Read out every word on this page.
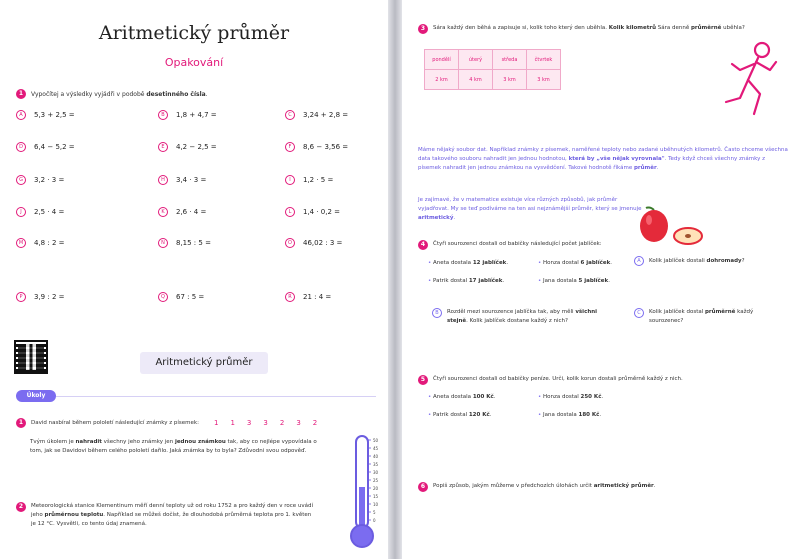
Aritmetický průměr
Opakování
1	Vypočítej a výsledky vyjádři v podobě desetinného čísla.
A	5,3 + 2,5 =	B	1,8 + 4,7 =	C	3,24 + 2,8 =
D	6,4 − 5,2 =	E	4,2 − 2,5 =	F	8,6 − 3,56 =
G	3,2 · 3 =	H	3,4 · 3 =	I	1,2 · 5 =
J	2,5 · 4 =	K	2,6 · 4 =	L	1,4 · 0,2 =
M	4,8 : 2 =	N	8,15 : 5 =	O	46,02 : 3 =
P	3,9 : 2 =	Q	67 : 5 =	R	21 : 4 =
Aritmetický průměr
Úkoly
1	David nasbíral během pololetí následující známky z písemek: 1 1 3 3 2 3 2
Tvým úkolem je nahradit všechny jeho známky jen jednou známkou tak, aby co nejlépe vypovídala o tom, jak se Davidovi během celého pololetí dařilo. Jaká známka by to byla? Zdůvodni svou odpověď.
2	Meteorologická stanice Klementinum měří denní teploty už od roku 1752 a pro každý den v roce uvádí jeho průměrnou teplotu. Například se můžeš dočíst, že dlouhodobá průměrná teplota pro 1. květen je 12 °C. Vysvětli, co tento údaj znamená.
50
45
40
35
30
25
20
15
10
5
0
3	Sára každý den běhá a zapisuje si, kolik toho který den uběhla. Kolik kilometrů Sára denně průměrně uběhla?
pondělí	úterý	středa	čtvrtek
2 km	4 km	3 km	3 km
Máme nějaký soubor dat. Například známky z písemek, naměřené teploty nebo zadané uběhnutých kilometrů. Často chceme všechna data takového souboru nahradit jen jednou hodnotou, která by „vše nějak vyrovnala". Tedy když chceš všechny známky z písemek nahradit jen jednou známkou na vysvědčení. Takové hodnotě říkáme průměr.
Je zajímavé, že v matematice existuje více různých způsobů, jak průměr vyjadřovat. My se teď podíváme na ten asi nejznámější průměr, který se jmenuje aritmetický.
4	Čtyři sourozenci dostali od babičky následující počet jablíček:
• Aneta dostala 12 jablíček.	• Honza dostal 6 jablíček.
• Patrik dostal 17 jablíček.	• Jana dostala 5 jablíček.
A	Kolik jablíček dostali dohromady?
B	Rozděl mezi sourozence jablíčka tak, aby měli všichni stejně. Kolik jablíček dostane každý z nich?
C	Kolik jablíček dostal průměrně každý sourozenec?
5	Čtyři sourozenci dostali od babičky peníze. Urči, kolik korun dostali průměrně každý z nich.
• Aneta dostala 100 Kč.	• Honza dostal 250 Kč.
• Patrik dostal 120 Kč.	• Jana dostala 180 Kč.
6	Popiš způsob, jakým můžeme v předchozích úlohách určit aritmetický průměr.
